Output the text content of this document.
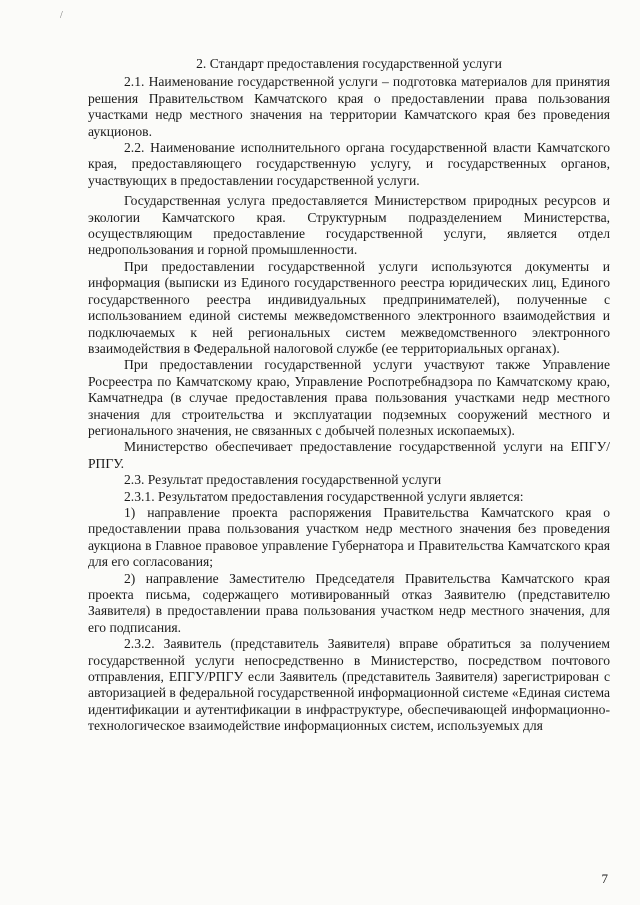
/

2. Стандарт предоставления государственной услуги

2.1. Наименование государственной услуги – подготовка материалов для принятия решения Правительством Камчатского края о предоставлении права пользования участками недр местного значения на территории Камчатского края без проведения аукционов.

2.2. Наименование исполнительного органа государственной власти Камчатского края, предоставляющего государственную услугу, и государственных органов, участвующих в предоставлении государственной услуги.

Государственная услуга предоставляется Министерством природных ресурсов и экологии Камчатского края. Структурным подразделением Министерства, осуществляющим предоставление государственной услуги, является отдел недропользования и горной промышленности.

При предоставлении государственной услуги используются документы и информация (выписки из Единого государственного реестра юридических лиц, Единого государственного реестра индивидуальных предпринимателей), полученные с использованием единой системы межведомственного электронного взаимодействия и подключаемых к ней региональных систем межведомственного электронного взаимодействия в Федеральной налоговой службе (ее территориальных органах).

При предоставлении государственной услуги участвуют также Управление Росреестра по Камчатскому краю, Управление Роспотребнадзора по Камчатскому краю, Камчатнедра (в случае предоставления права пользования участками недр местного значения для строительства и эксплуатации подземных сооружений местного и регионального значения, не связанных с добычей полезных ископаемых).

Министерство обеспечивает предоставление государственной услуги на ЕПГУ/РПГУ.

2.3. Результат предоставления государственной услуги

2.3.1. Результатом предоставления государственной услуги является:

1) направление проекта распоряжения Правительства Камчатского края о предоставлении права пользования участком недр местного значения без проведения аукциона в Главное правовое управление Губернатора и Правительства Камчатского края для его согласования;

2) направление Заместителю Председателя Правительства Камчатского края проекта письма, содержащего мотивированный отказ Заявителю (представителю Заявителя) в предоставлении права пользования участком недр местного значения, для его подписания.

2.3.2. Заявитель (представитель Заявителя) вправе обратиться за получением государственной услуги непосредственно в Министерство, посредством почтового отправления, ЕПГУ/РПГУ если Заявитель (представитель Заявителя) зарегистрирован с авторизацией в федеральной государственной информационной системе «Единая система идентификации и аутентификации в инфраструктуре, обеспечивающей информационно-технологическое взаимодействие информационных систем, используемых для

7
